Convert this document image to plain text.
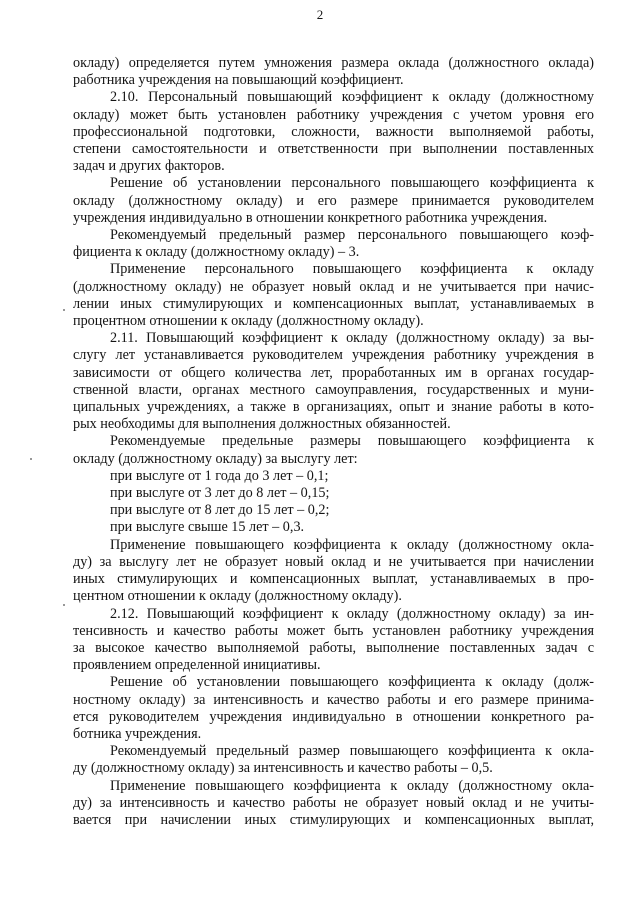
2

окладу) определяется путем умножения размера оклада (должностного оклада)
работника учреждения на повышающий коэффициент.

2.10. Персональный повышающий коэффициент к окладу (должностному
окладу) может быть установлен работнику учреждения с учетом уровня его
профессиональной подготовки, сложности, важности выполняемой работы,
степени самостоятельности и ответственности при выполнении поставленных
задач и других факторов.

Решение об установлении персонального повышающего коэффициента к
окладу (должностному окладу) и его размере принимается руководителем
учреждения индивидуально в отношении конкретного работника учреждения.

Рекомендуемый предельный размер персонального повышающего коэф-
фициента к окладу (должностному окладу) – 3.

Применение персонального повышающего коэффициента к окладу
(должностному окладу) не образует новый оклад и не учитывается при начис-
лении иных стимулирующих и компенсационных выплат, устанавливаемых в
процентном отношении к окладу (должностному окладу).

2.11. Повышающий коэффициент к окладу (должностному окладу) за вы-
слугу лет устанавливается руководителем учреждения работнику учреждения в
зависимости от общего количества лет, проработанных им в органах государ-
ственной власти, органах местного самоуправления, государственных и муни-
ципальных учреждениях, а также в организациях, опыт и знание работы в кото-
рых необходимы для выполнения должностных обязанностей.

Рекомендуемые предельные размеры повышающего коэффициента к
окладу (должностному окладу) за выслугу лет:

при выслуге от 1 года до 3 лет – 0,1;
при выслуге от 3 лет до 8 лет – 0,15;
при выслуге от 8 лет до 15 лет – 0,2;
при выслуге свыше 15 лет – 0,3.

Применение повышающего коэффициента к окладу (должностному окла-
ду) за выслугу лет не образует новый оклад и не учитывается при начислении
иных стимулирующих и компенсационных выплат, устанавливаемых в про-
центном отношении к окладу (должностному окладу).

2.12. Повышающий коэффициент к окладу (должностному окладу) за ин-
тенсивность и качество работы может быть установлен работнику учреждения
за высокое качество выполняемой работы, выполнение поставленных задач с
проявлением определенной инициативы.

Решение об установлении повышающего коэффициента к окладу (долж-
ностному окладу) за интенсивность и качество работы и его размере принима-
ется руководителем учреждения индивидуально в отношении конкретного ра-
ботника учреждения.

Рекомендуемый предельный размер повышающего коэффициента к окла-
ду (должностному окладу) за интенсивность и качество работы – 0,5.

Применение повышающего коэффициента к окладу (должностному окла-
ду) за интенсивность и качество работы не образует новый оклад и не учиты-
вается при начислении иных стимулирующих и компенсационных выплат,
